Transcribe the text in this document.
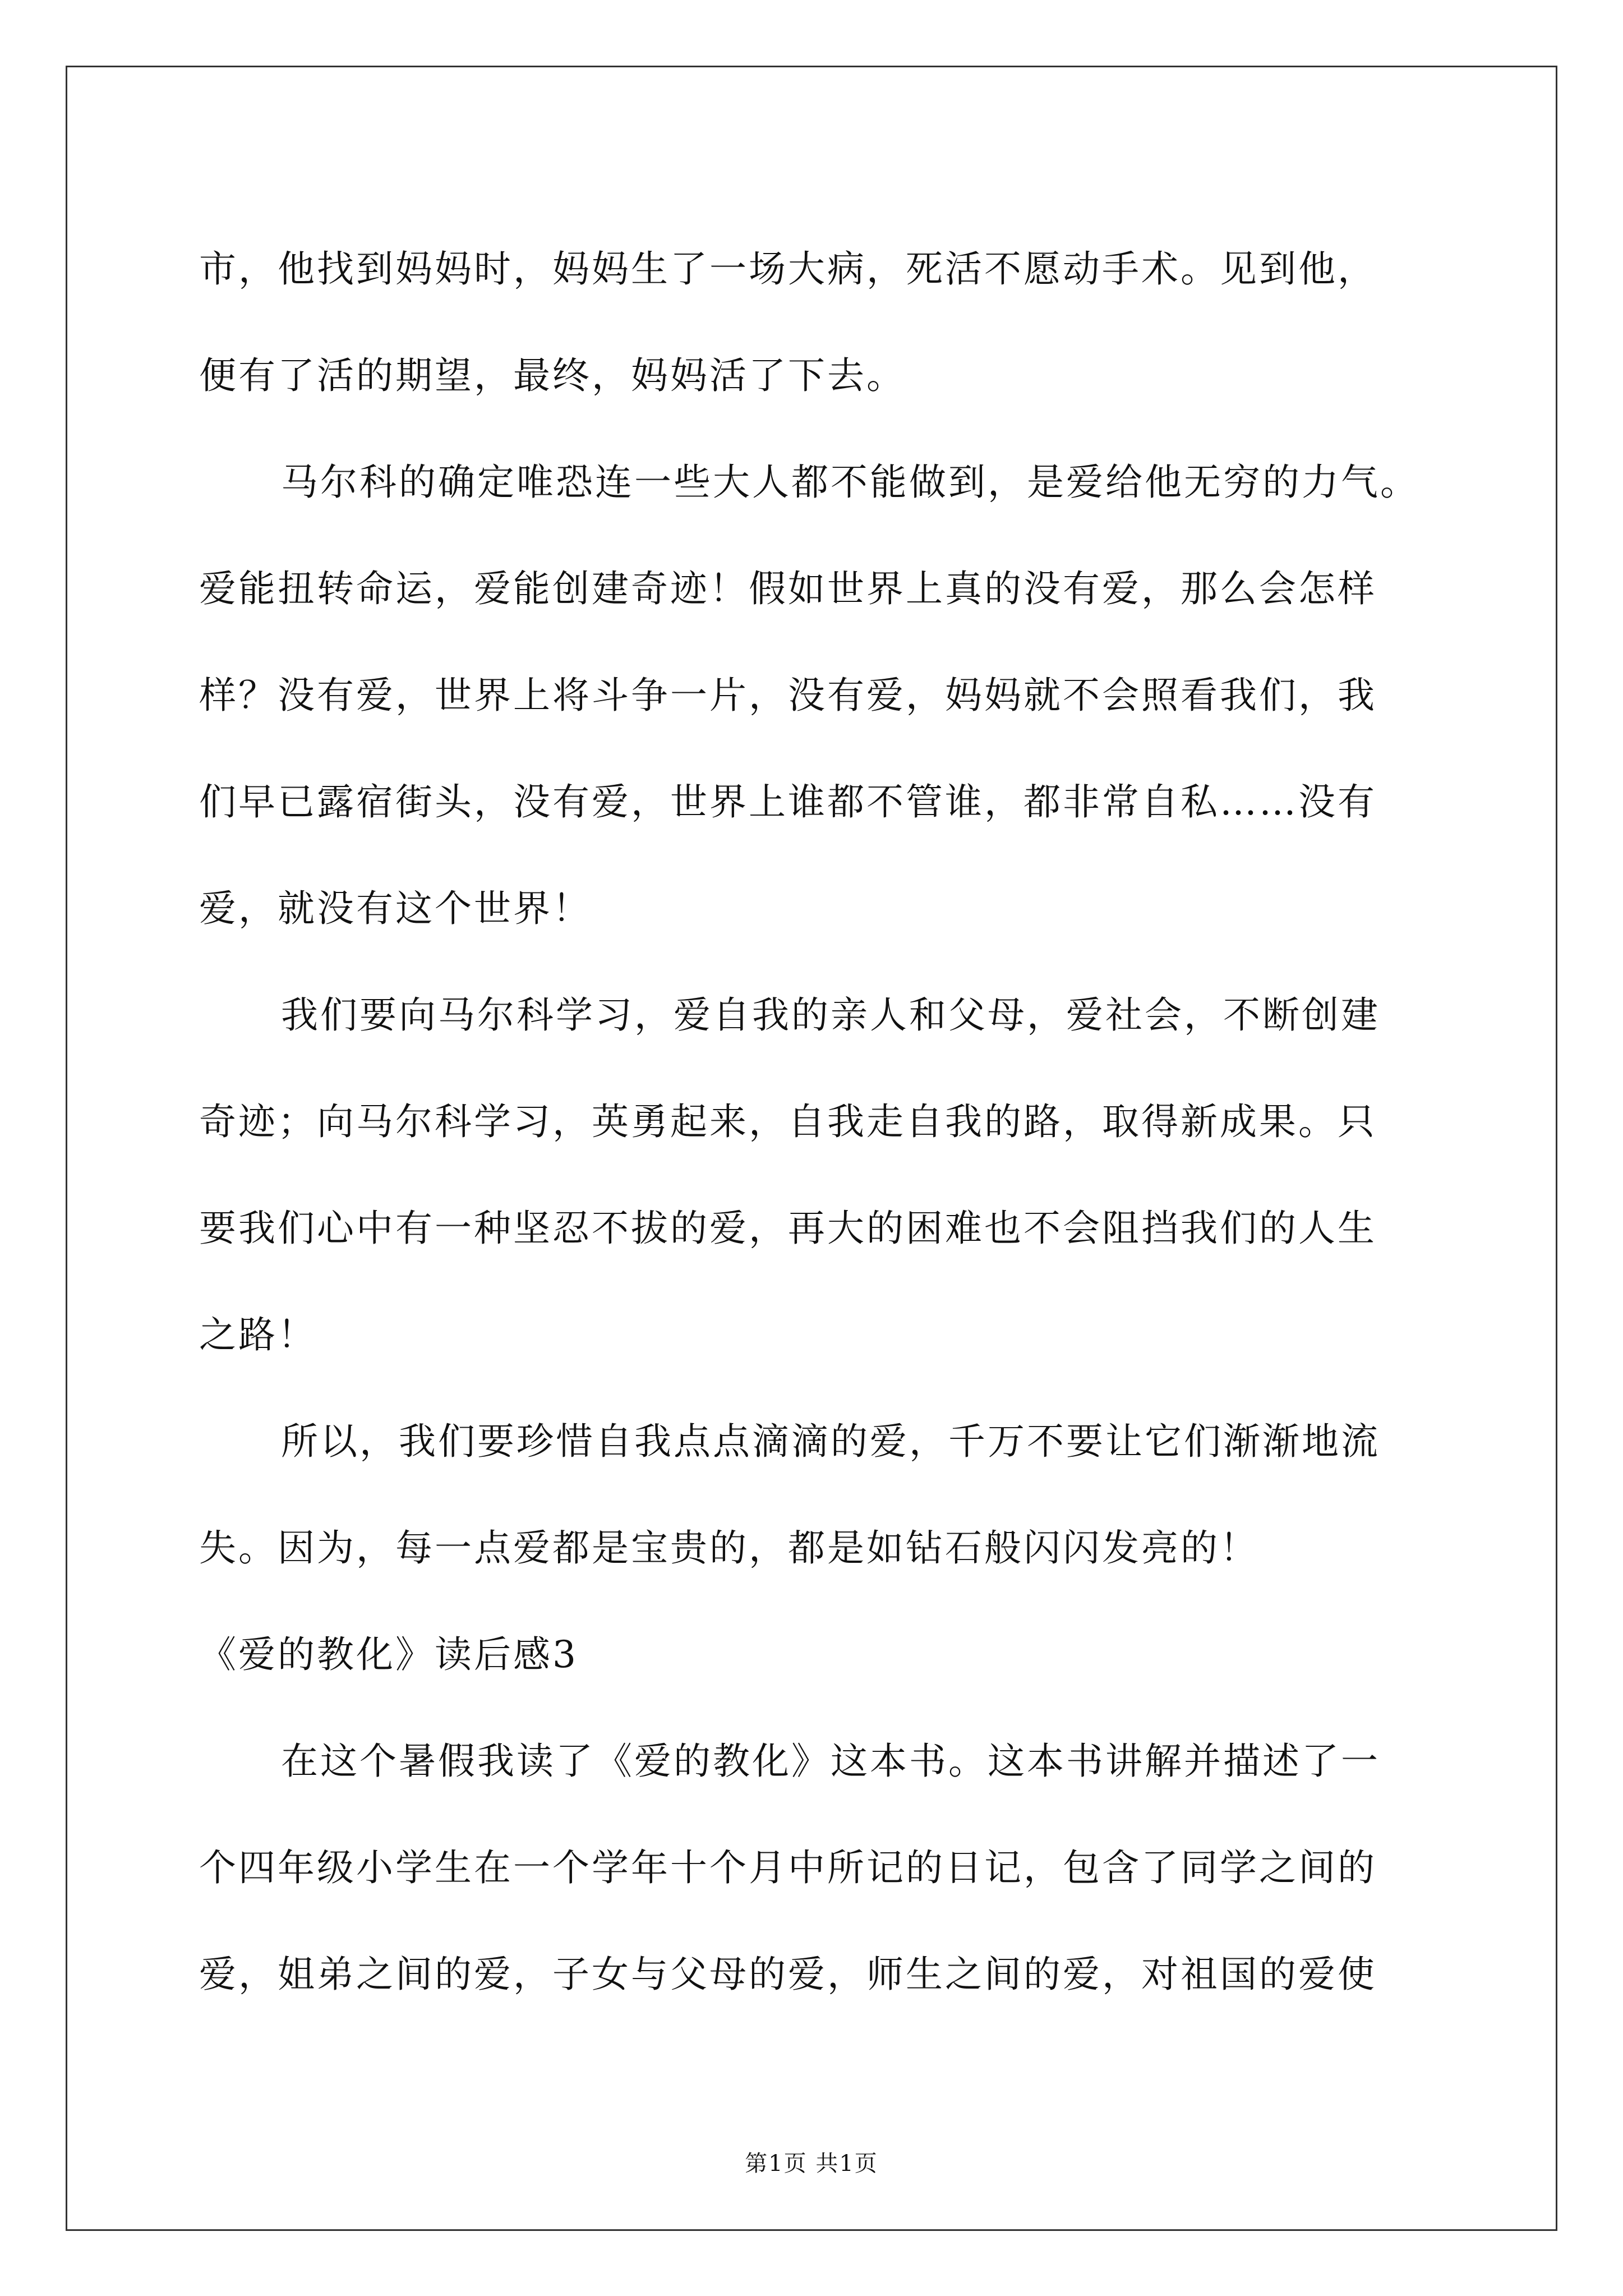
市，他找到妈妈时，妈妈生了一场大病，死活不愿动手术。见到他，
便有了活的期望，最终，妈妈活了下去。
马尔科的确定唯恐连一些大人都不能做到，是爱给他无穷的力气。
爱能扭转命运，爱能创建奇迹！假如世界上真的没有爱，那么会怎样
样？没有爱，世界上将斗争一片，没有爱，妈妈就不会照看我们，我
们早已露宿街头，没有爱，世界上谁都不管谁，都非常自私……没有
爱，就没有这个世界！
我们要向马尔科学习，爱自我的亲人和父母，爱社会，不断创建
奇迹；向马尔科学习，英勇起来，自我走自我的路，取得新成果。只
要我们心中有一种坚忍不拔的爱，再大的困难也不会阻挡我们的人生
之路！
所以，我们要珍惜自我点点滴滴的爱，千万不要让它们渐渐地流
失。因为，每一点爱都是宝贵的，都是如钻石般闪闪发亮的！
《爱的教化》读后感3
在这个暑假我读了《爱的教化》这本书。这本书讲解并描述了一
个四年级小学生在一个学年十个月中所记的日记，包含了同学之间的
爱，姐弟之间的爱，子女与父母的爱，师生之间的爱，对祖国的爱使
第1页 共1页
